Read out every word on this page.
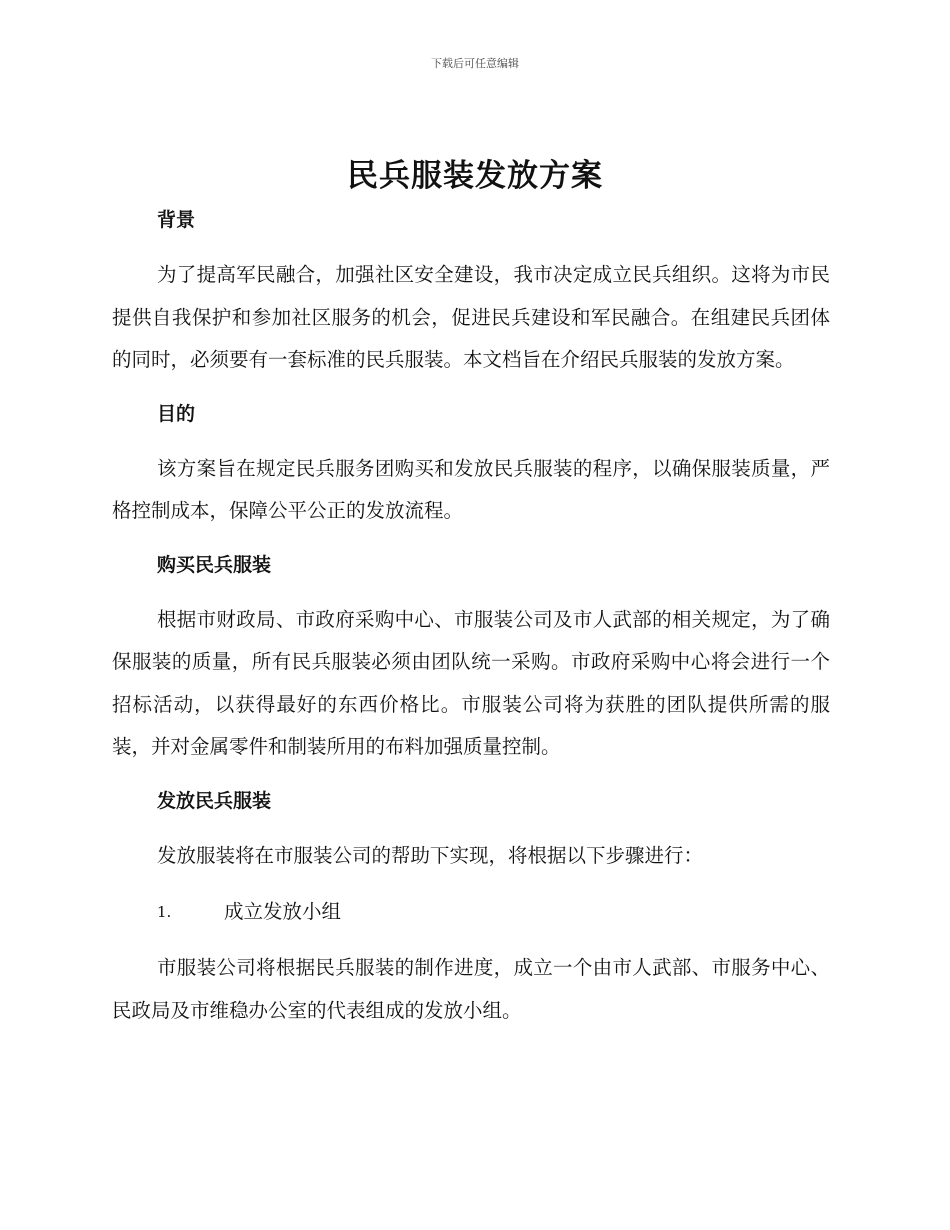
下载后可任意编辑
民兵服装发放方案
背景

为了提高军民融合，加强社区安全建设，我市决定成立民兵组织。这将为市民提供自我保护和参加社区服务的机会，促进民兵建设和军民融合。在组建民兵团体的同时，必须要有一套标准的民兵服装。本文档旨在介绍民兵服装的发放方案。

目的

该方案旨在规定民兵服务团购买和发放民兵服装的程序，以确保服装质量，严格控制成本，保障公平公正的发放流程。

购买民兵服装

根据市财政局、市政府采购中心、市服装公司及市人武部的相关规定，为了确保服装的质量，所有民兵服装必须由团队统一采购。市政府采购中心将会进行一个招标活动，以获得最好的东西价格比。市服装公司将为获胜的团队提供所需的服装，并对金属零件和制装所用的布料加强质量控制。

发放民兵服装

发放服装将在市服装公司的帮助下实现，将根据以下步骤进行：

1.	成立发放小组

市服装公司将根据民兵服装的制作进度，成立一个由市人武部、市服务中心、民政局及市维稳办公室的代表组成的发放小组。
